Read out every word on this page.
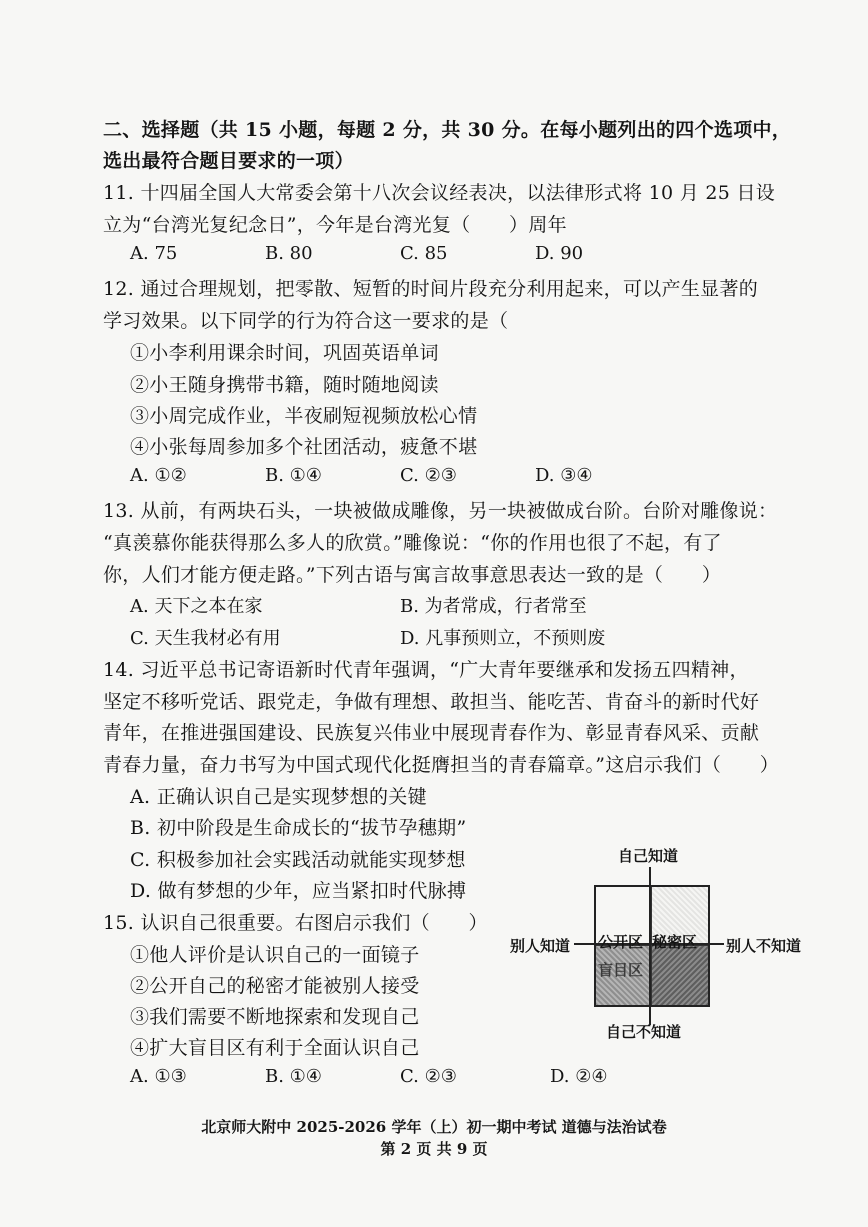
二、选择题（共 15 小题，每题 2 分，共 30 分。在每小题列出的四个选项中，
选出最符合题目要求的一项）
11. 十四届全国人大常委会第十八次会议经表决，以法律形式将 10 月 25 日设
立为“台湾光复纪念日”，今年是台湾光复（　　）周年
A. 75	B. 80	C. 85	D. 90
12. 通过合理规划，把零散、短暂的时间片段充分利用起来，可以产生显著的
学习效果。以下同学的行为符合这一要求的是（
①小李利用课余时间，巩固英语单词
②小王随身携带书籍，随时随地阅读
③小周完成作业，半夜刷短视频放松心情
④小张每周参加多个社团活动，疲惫不堪
A. ①②	B. ①④	C. ②③	D. ③④
13. 从前，有两块石头，一块被做成雕像，另一块被做成台阶。台阶对雕像说：
“真羡慕你能获得那么多人的欣赏。”雕像说：“你的作用也很了不起，有了
你，人们才能方便走路。”下列古语与寓言故事意思表达一致的是（　　）
A. 天下之本在家	B. 为者常成，行者常至
C. 天生我材必有用	D. 凡事预则立，不预则废
14. 习近平总书记寄语新时代青年强调，“广大青年要继承和发扬五四精神，
坚定不移听党话、跟党走，争做有理想、敢担当、能吃苦、肯奋斗的新时代好
青年，在推进强国建设、民族复兴伟业中展现青春作为、彰显青春风采、贡献
青春力量，奋力书写为中国式现代化挺膺担当的青春篇章。”这启示我们（　　）
A. 正确认识自己是实现梦想的关键
B. 初中阶段是生命成长的“拔节孕穗期”
C. 积极参加社会实践活动就能实现梦想
D. 做有梦想的少年，应当紧扣时代脉搏
15. 认识自己很重要。右图启示我们（　　）
①他人评价是认识自己的一面镜子
②公开自己的秘密才能被别人接受
③我们需要不断地探索和发现自己
④扩大盲目区有利于全面认识自己
A. ①③	B. ①④	C. ②③	D. ②④
自己知道
公开区 秘密区
盲目区
别人知道	别人不知道
自己不知道
北京师大附中 2025-2026 学年（上）初一期中考试 道德与法治试卷
第 2 页 共 9 页
